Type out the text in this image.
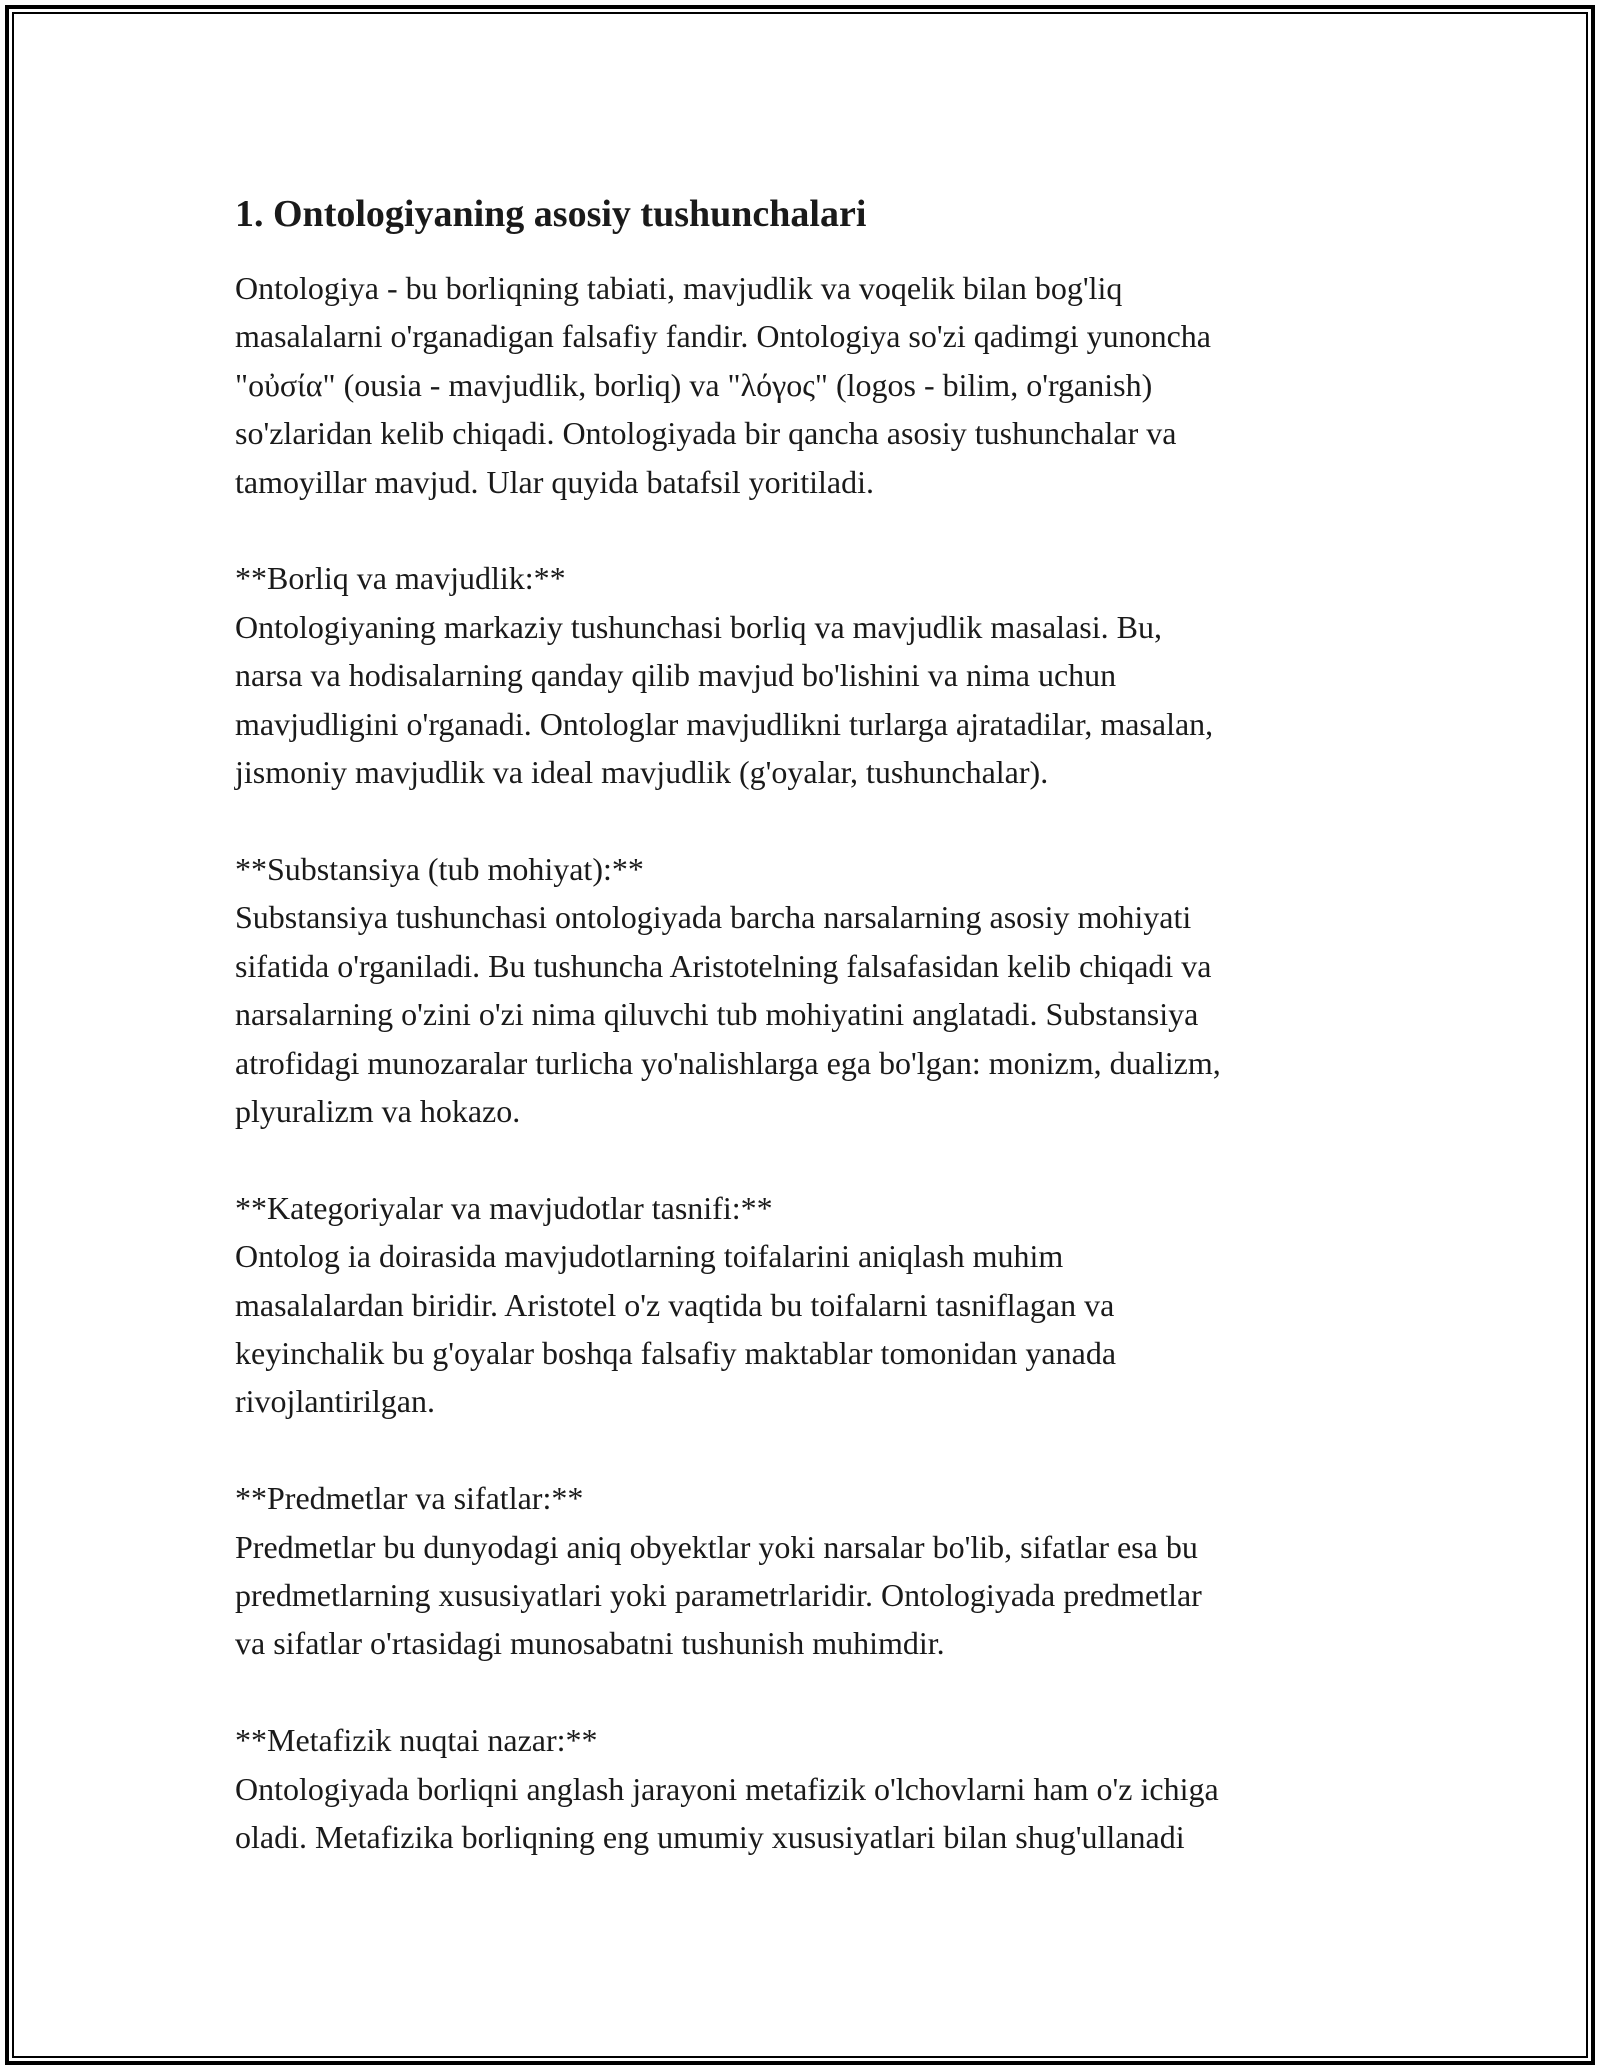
1. Ontologiyaning asosiy tushunchalari
Ontologiya - bu borliqning tabiati, mavjudlik va voqelik bilan bog'liq
masalalarni o'rganadigan falsafiy fandir. Ontologiya so'zi qadimgi yunoncha
"οὐσία" (ousia - mavjudlik, borliq) va "λόγος" (logos - bilim, o'rganish)
so'zlaridan kelib chiqadi. Ontologiyada bir qancha asosiy tushunchalar va
tamoyillar mavjud. Ular quyida batafsil yoritiladi.

**Borliq va mavjudlik:**
Ontologiyaning markaziy tushunchasi borliq va mavjudlik masalasi. Bu,
narsa va hodisalarning qanday qilib mavjud bo'lishini va nima uchun
mavjudligini o'rganadi. Ontologlar mavjudlikni turlarga ajratadilar, masalan,
jismoniy mavjudlik va ideal mavjudlik (g'oyalar, tushunchalar).

**Substansiya (tub mohiyat):**
Substansiya tushunchasi ontologiyada barcha narsalarning asosiy mohiyati
sifatida o'rganiladi. Bu tushuncha Aristotelning falsafasidan kelib chiqadi va
narsalarning o'zini o'zi nima qiluvchi tub mohiyatini anglatadi. Substansiya
atrofidagi munozaralar turlicha yo'nalishlarga ega bo'lgan: monizm, dualizm,
plyuralizm va hokazo.

**Kategoriyalar va mavjudotlar tasnifi:**
Ontolog ia doirasida mavjudotlarning toifalarini aniqlash muhim
masalalardan biridir. Aristotel o'z vaqtida bu toifalarni tasniflagan va
keyinchalik bu g'oyalar boshqa falsafiy maktablar tomonidan yanada
rivojlantirilgan.

**Predmetlar va sifatlar:**
Predmetlar bu dunyodagi aniq obyektlar yoki narsalar bo'lib, sifatlar esa bu
predmetlarning xususiyatlari yoki parametrlaridir. Ontologiyada predmetlar
va sifatlar o'rtasidagi munosabatni tushunish muhimdir.

**Metafizik nuqtai nazar:**
Ontologiyada borliqni anglash jarayoni metafizik o'lchovlarni ham o'z ichiga
oladi. Metafizika borliqning eng umumiy xususiyatlari bilan shug'ullanadi
